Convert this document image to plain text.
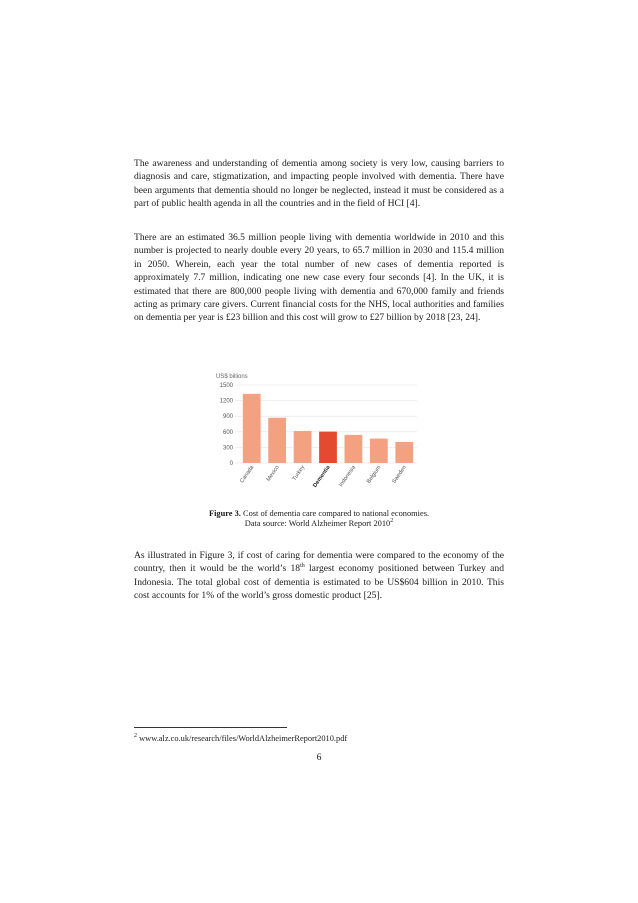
The awareness and understanding of dementia among society is very low, causing barriers to diagnosis and care, stigmatization, and impacting people involved with dementia. There have been arguments that dementia should no longer be neglected, instead it must be considered as a part of public health agenda in all the countries and in the field of HCI [4].

There are an estimated 36.5 million people living with dementia worldwide in 2010 and this number is projected to nearly double every 20 years, to 65.7 million in 2030 and 115.4 million in 2050. Wherein, each year the total number of new cases of dementia reported is approximately 7.7 million, indicating one new case every four seconds [4]. In the UK, it is estimated that there are 800,000 people living with dementia and 670,000 family and friends acting as primary care givers. Current financial costs for the NHS, local authorities and families on dementia per year is £23 billion and this cost will grow to £27 billion by 2018 [23, 24].

US$ billions
0
300
600
900
1200
1500
Canada Mexico Turkey Dementia Indonesia Belgium Sweden
Figure 3. Cost of dementia care compared to national economies.
Data source: World Alzheimer Report 2010$^2$

As illustrated in Figure 3, if cost of caring for dementia were compared to the economy of the country, then it would be the world’s 18th largest economy positioned between Turkey and Indonesia. The total global cost of dementia is estimated to be US$604 billion in 2010. This cost accounts for 1% of the world’s gross domestic product [25].

$^2$ www.alz.co.uk/research/files/WorldAlzheimerReport2010.pdf
6
